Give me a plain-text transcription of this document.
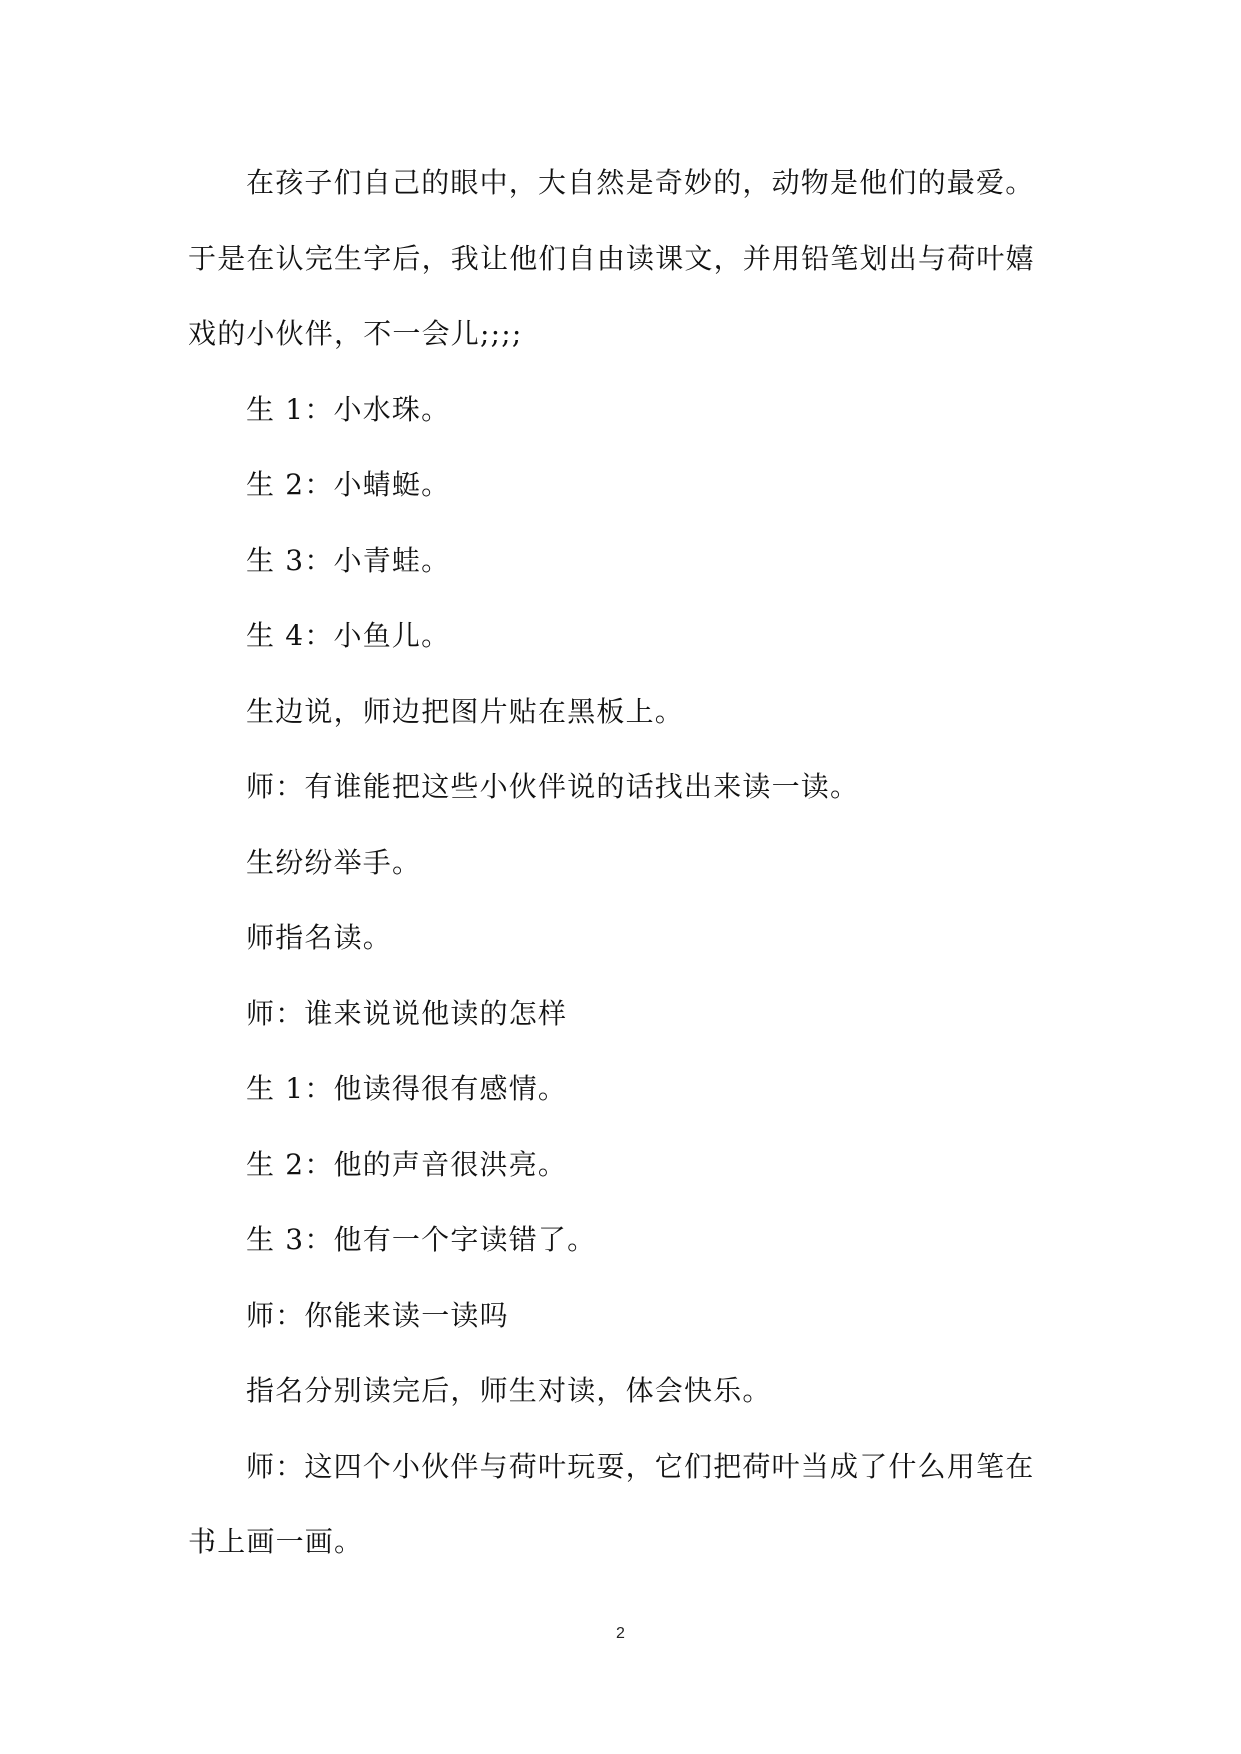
在孩子们自己的眼中，大自然是奇妙的，动物是他们的最爱。于是在认完生字后，我让他们自由读课文，并用铅笔划出与荷叶嬉戏的小伙伴，不一会儿;;;;

生 1：小水珠。

生 2：小蜻蜓。

生 3：小青蛙。

生 4：小鱼儿。

生边说，师边把图片贴在黑板上。

师：有谁能把这些小伙伴说的话找出来读一读。

生纷纷举手。

师指名读。

师：谁来说说他读的怎样

生 1：他读得很有感情。

生 2：他的声音很洪亮。

生 3：他有一个字读错了。

师：你能来读一读吗

指名分别读完后，师生对读，体会快乐。

师：这四个小伙伴与荷叶玩耍，它们把荷叶当成了什么用笔在书上画一画。

2
